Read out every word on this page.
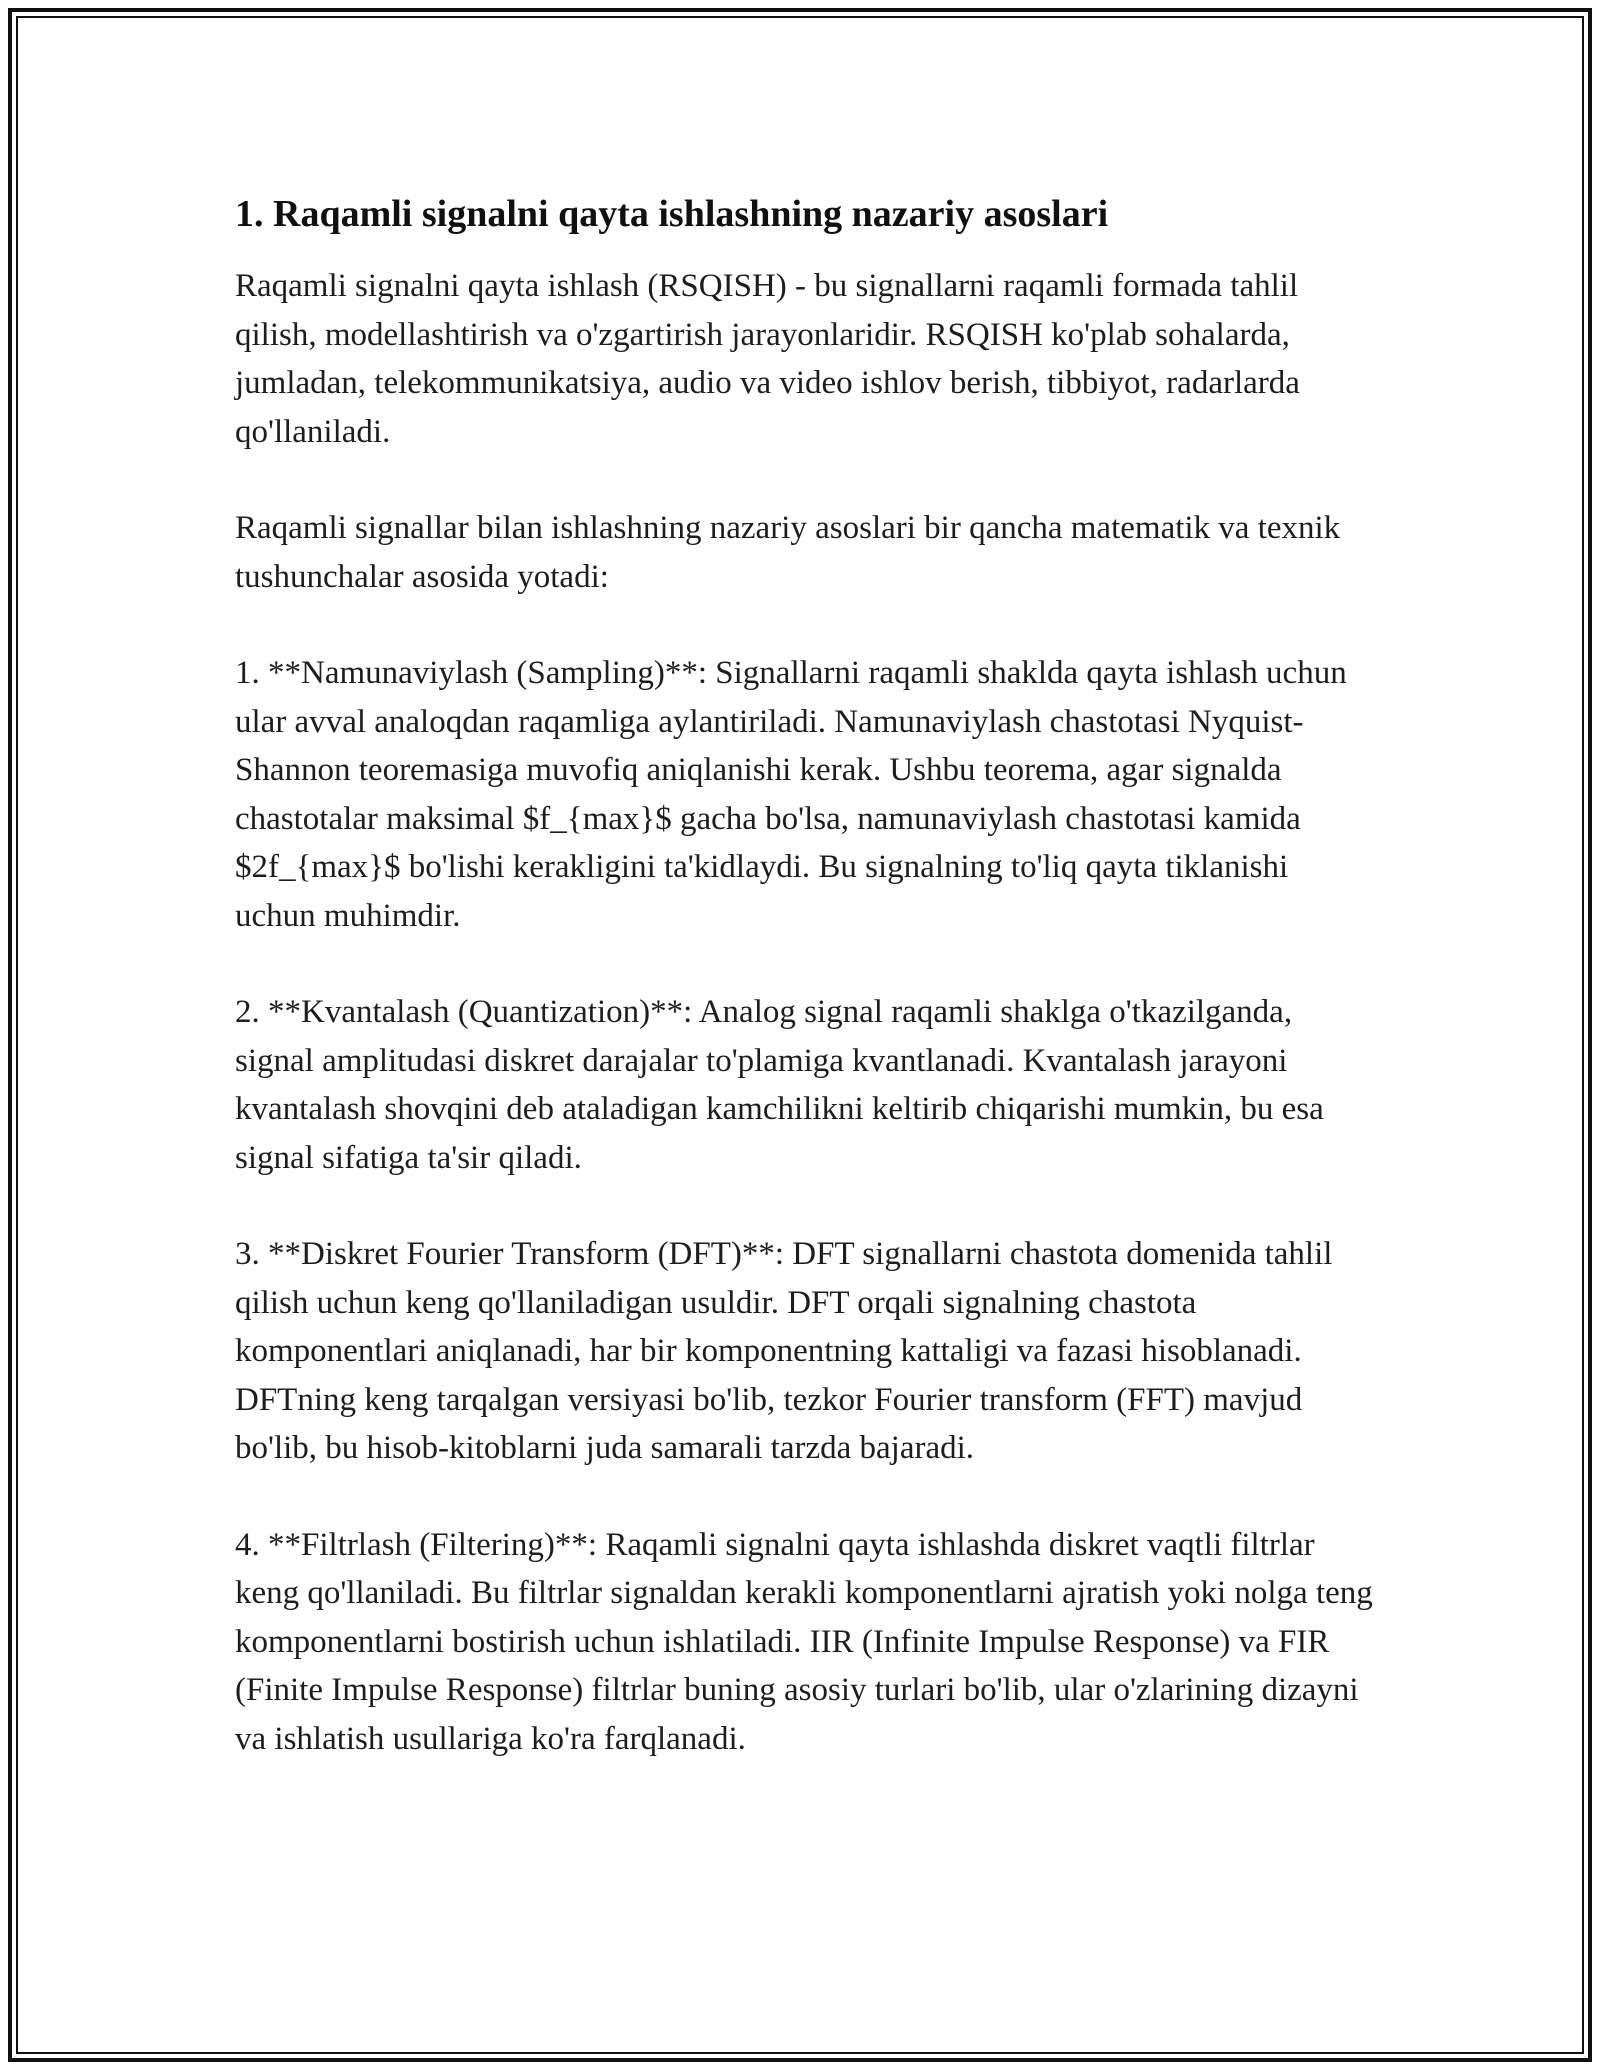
1. Raqamli signalni qayta ishlashning nazariy asoslari

Raqamli signalni qayta ishlash (RSQISH) - bu signallarni raqamli formada tahlil qilish, modellashtirish va o'zgartirish jarayonlaridir. RSQISH ko'plab sohalarda, jumladan, telekommunikatsiya, audio va video ishlov berish, tibbiyot, radarlarda qo'llaniladi.

Raqamli signallar bilan ishlashning nazariy asoslari bir qancha matematik va texnik tushunchalar asosida yotadi:

1. **Namunaviylash (Sampling)**: Signallarni raqamli shaklda qayta ishlash uchun ular avval analoqdan raqamliga aylantiriladi. Namunaviylash chastotasi Nyquist-Shannon teoremasiga muvofiq aniqlanishi kerak. Ushbu teorema, agar signalda chastotalar maksimal $f_{max}$ gacha bo'lsa, namunaviylash chastotasi kamida $2f_{max}$ bo'lishi kerakligini ta'kidlaydi. Bu signalning to'liq qayta tiklanishi uchun muhimdir.

2. **Kvantalash (Quantization)**: Analog signal raqamli shaklga o'tkazilganda, signal amplitudasi diskret darajalar to'plamiga kvantlanadi. Kvantalash jarayoni kvantalash shovqini deb ataladigan kamchilikni keltirib chiqarishi mumkin, bu esa signal sifatiga ta'sir qiladi.

3. **Diskret Fourier Transform (DFT)**: DFT signallarni chastota domenida tahlil qilish uchun keng qo'llaniladigan usuldir. DFT orqali signalning chastota komponentlari aniqlanadi, har bir komponentning kattaligi va fazasi hisoblanadi. DFTning keng tarqalgan versiyasi bo'lib, tezkor Fourier transform (FFT) mavjud bo'lib, bu hisob-kitoblarni juda samarali tarzda bajaradi.

4. **Filtrlash (Filtering)**: Raqamli signalni qayta ishlashda diskret vaqtli filtrlar keng qo'llaniladi. Bu filtrlar signaldan kerakli komponentlarni ajratish yoki nolga teng komponentlarni bostirish uchun ishlatiladi. IIR (Infinite Impulse Response) va FIR (Finite Impulse Response) filtrlar buning asosiy turlari bo'lib, ular o'zlarining dizayni va ishlatish usullariga ko'ra farqlanadi.
